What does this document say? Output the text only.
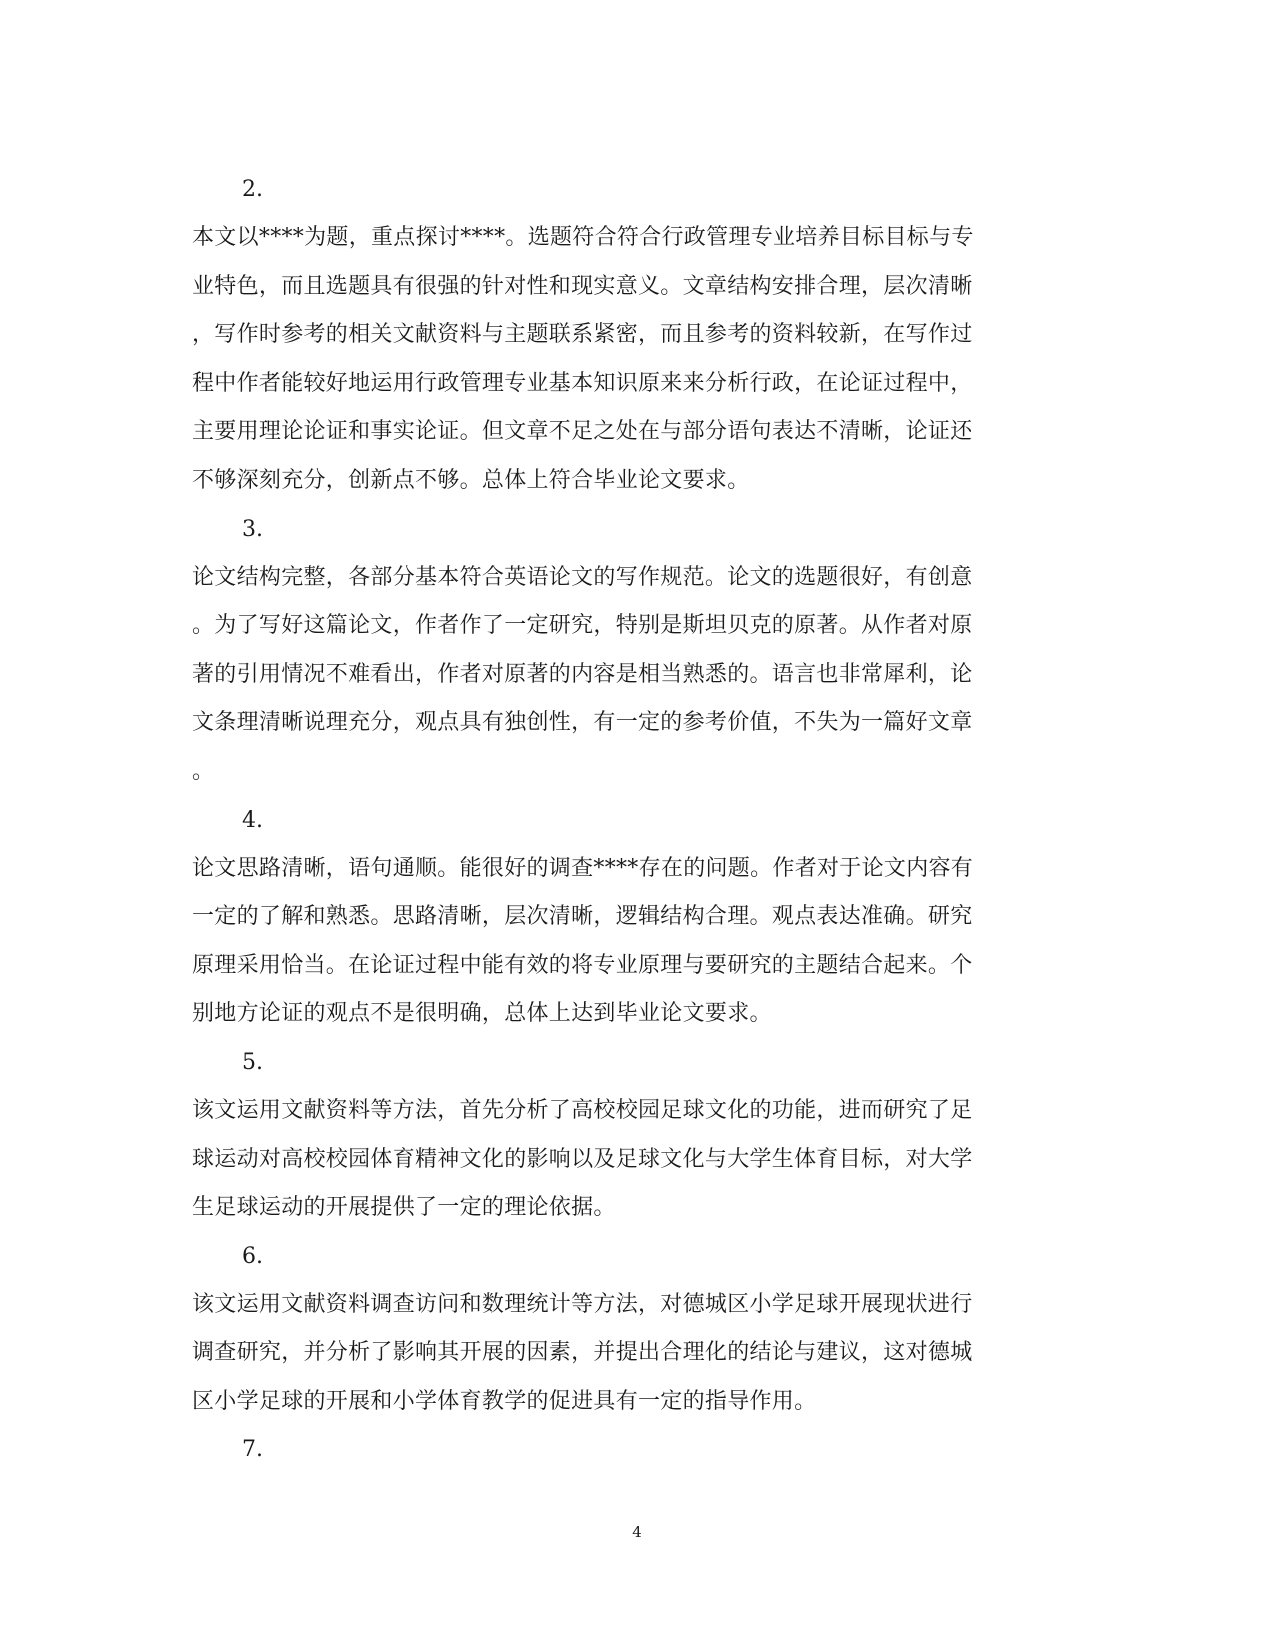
2.
本文以****为题，重点探讨****。选题符合符合行政管理专业培养目标目标与专
业特色，而且选题具有很强的针对性和现实意义。文章结构安排合理，层次清晰
，写作时参考的相关文献资料与主题联系紧密，而且参考的资料较新，在写作过
程中作者能较好地运用行政管理专业基本知识原来来分析行政，在论证过程中，
主要用理论论证和事实论证。但文章不足之处在与部分语句表达不清晰，论证还
不够深刻充分，创新点不够。总体上符合毕业论文要求。
3.
论文结构完整，各部分基本符合英语论文的写作规范。论文的选题很好，有创意
。为了写好这篇论文，作者作了一定研究，特别是斯坦贝克的原著。从作者对原
著的引用情况不难看出，作者对原著的内容是相当熟悉的。语言也非常犀利，论
文条理清晰说理充分，观点具有独创性，有一定的参考价值，不失为一篇好文章
。
4.
论文思路清晰，语句通顺。能很好的调查****存在的问题。作者对于论文内容有
一定的了解和熟悉。思路清晰，层次清晰，逻辑结构合理。观点表达准确。研究
原理采用恰当。在论证过程中能有效的将专业原理与要研究的主题结合起来。个
别地方论证的观点不是很明确，总体上达到毕业论文要求。
5.
该文运用文献资料等方法，首先分析了高校校园足球文化的功能，进而研究了足
球运动对高校校园体育精神文化的影响以及足球文化与大学生体育目标，对大学
生足球运动的开展提供了一定的理论依据。
6.
该文运用文献资料调查访问和数理统计等方法，对德城区小学足球开展现状进行
调查研究，并分析了影响其开展的因素，并提出合理化的结论与建议，这对德城
区小学足球的开展和小学体育教学的促进具有一定的指导作用。
7.
4
